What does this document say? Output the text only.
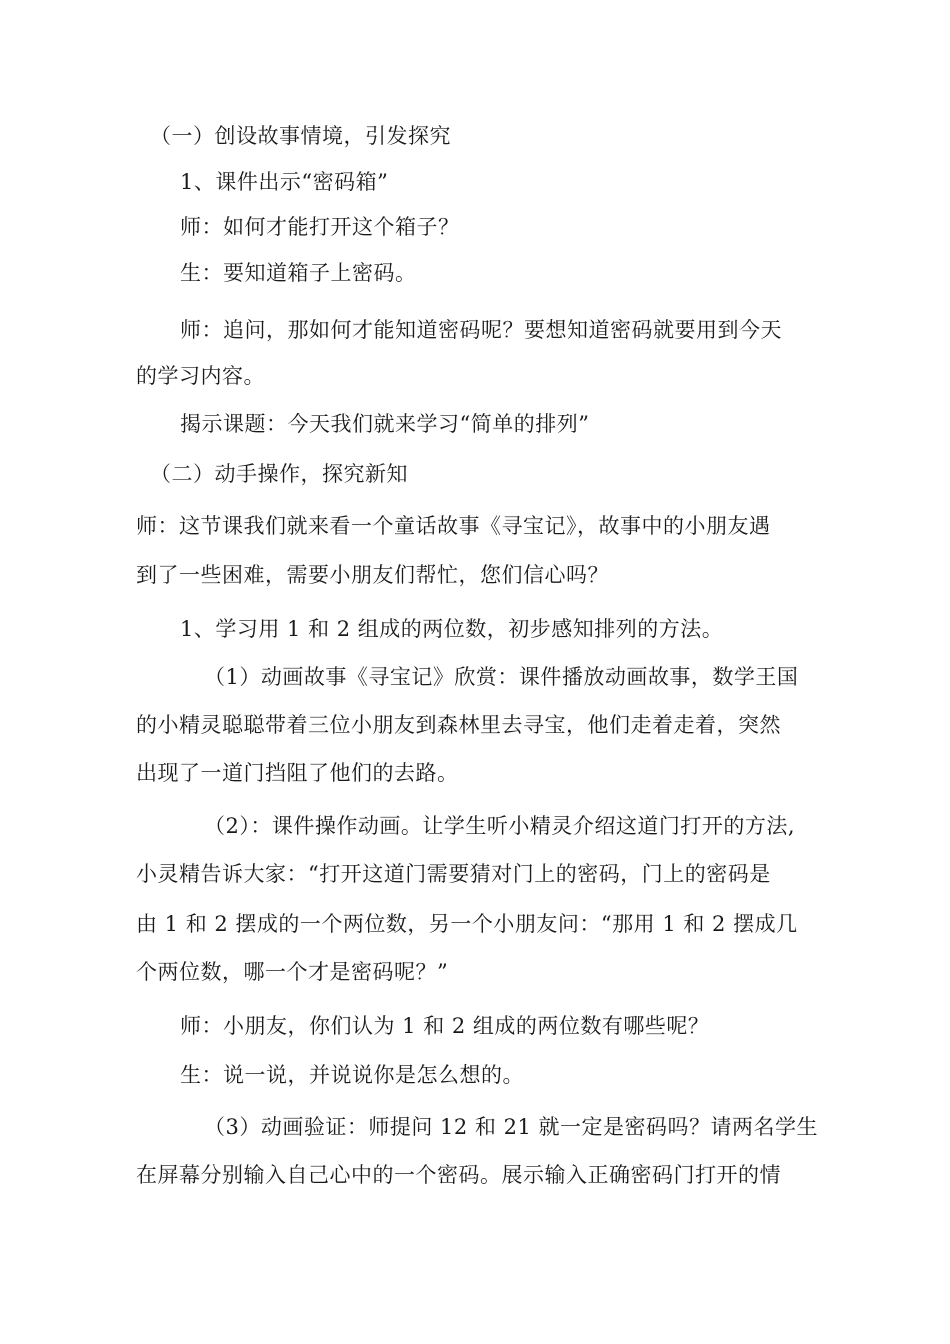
（一）创设故事情境，引发探究
1、课件出示“密码箱”
师：如何才能打开这个箱子？
生：要知道箱子上密码。
师：追问，那如何才能知道密码呢？要想知道密码就要用到今天
的学习内容。
揭示课题：今天我们就来学习“简单的排列”
（二）动手操作，探究新知
师：这节课我们就来看一个童话故事《寻宝记》，故事中的小朋友遇
到了一些困难，需要小朋友们帮忙，您们信心吗？
1、学习用 1 和 2 组成的两位数，初步感知排列的方法。
（1）动画故事《寻宝记》欣赏：课件播放动画故事，数学王国
的小精灵聪聪带着三位小朋友到森林里去寻宝，他们走着走着，突然
出现了一道门挡阻了他们的去路。
（2）：课件操作动画。让学生听小精灵介绍这道门打开的方法,
小灵精告诉大家：“打开这道门需要猜对门上的密码，门上的密码是
由 1 和 2 摆成的一个两位数，另一个小朋友问：“那用 1 和 2 摆成几
个两位数，哪一个才是密码呢？”
师：小朋友，你们认为 1 和 2 组成的两位数有哪些呢？
生：说一说，并说说你是怎么想的。
（3）动画验证：师提问 12 和 21 就一定是密码吗？请两名学生
在屏幕分别输入自己心中的一个密码。展示输入正确密码门打开的情
